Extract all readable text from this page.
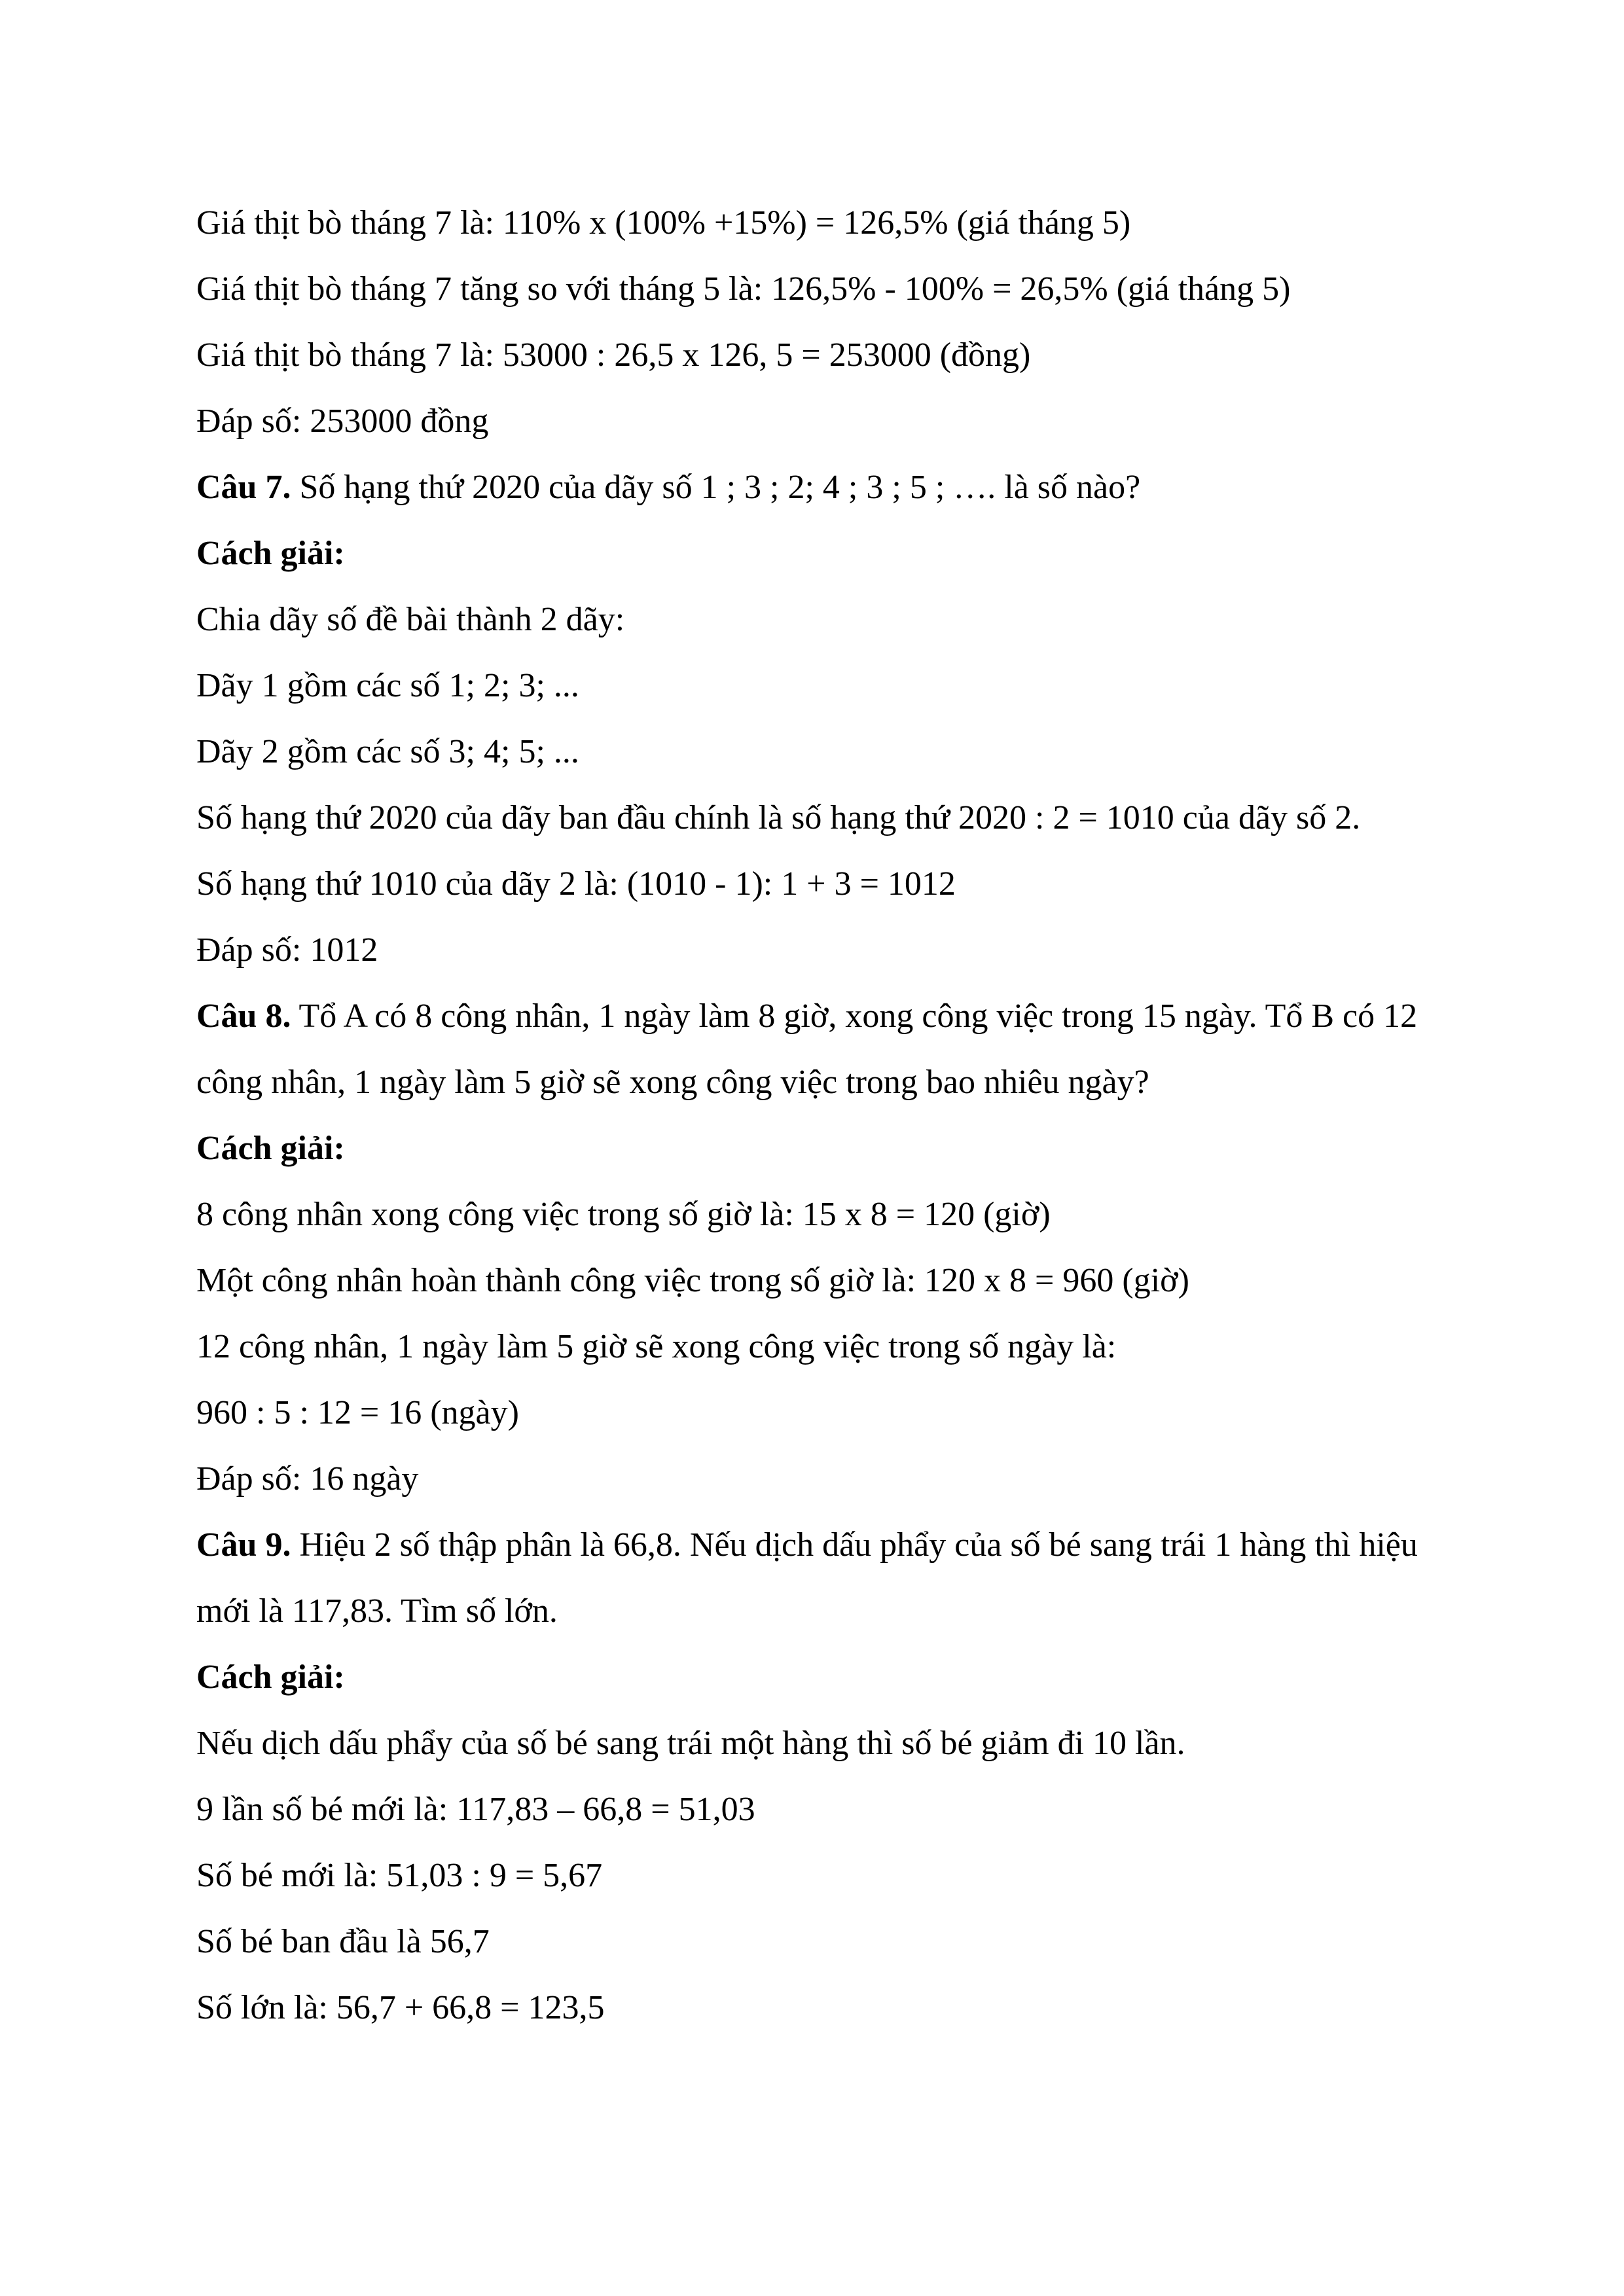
Giá thịt bò tháng 7 là: 110% x (100% +15%) = 126,5% (giá tháng 5)
Giá thịt bò tháng 7 tăng so với tháng 5 là: 126,5% - 100% = 26,5% (giá tháng 5)
Giá thịt bò tháng 7 là: 53000 : 26,5 x 126, 5 = 253000 (đồng)
Đáp số: 253000 đồng
Câu 7. Số hạng thứ 2020 của dãy số 1 ; 3 ; 2; 4 ; 3 ; 5 ; …. là số nào?
Cách giải:
Chia dãy số đề bài thành 2 dãy:
Dãy 1 gồm các số 1; 2; 3; ...
Dãy 2 gồm các số 3; 4; 5; ...
Số hạng thứ 2020 của dãy ban đầu chính là số hạng thứ 2020 : 2 = 1010 của dãy số 2.
Số hạng thứ 1010 của dãy 2 là: (1010 - 1): 1 + 3 = 1012
Đáp số: 1012
Câu 8. Tổ A có 8 công nhân, 1 ngày làm 8 giờ, xong công việc trong 15 ngày. Tổ B có 12 công nhân, 1 ngày làm 5 giờ sẽ xong công việc trong bao nhiêu ngày?
Cách giải:
8 công nhân xong công việc trong số giờ là: 15 x 8 = 120 (giờ)
Một công nhân hoàn thành công việc trong số giờ là: 120 x 8 = 960 (giờ)
12 công nhân, 1 ngày làm 5 giờ sẽ xong công việc trong số ngày là:
960 : 5 : 12 = 16 (ngày)
Đáp số: 16 ngày
Câu 9. Hiệu 2 số thập phân là 66,8. Nếu dịch dấu phẩy của số bé sang trái 1 hàng thì hiệu mới là 117,83. Tìm số lớn.
Cách giải:
Nếu dịch dấu phẩy của số bé sang trái một hàng thì số bé giảm đi 10 lần.
9 lần số bé mới là: 117,83 – 66,8 = 51,03
Số bé mới là: 51,03 : 9 = 5,67
Số bé ban đầu là 56,7
Số lớn là: 56,7 + 66,8 = 123,5
